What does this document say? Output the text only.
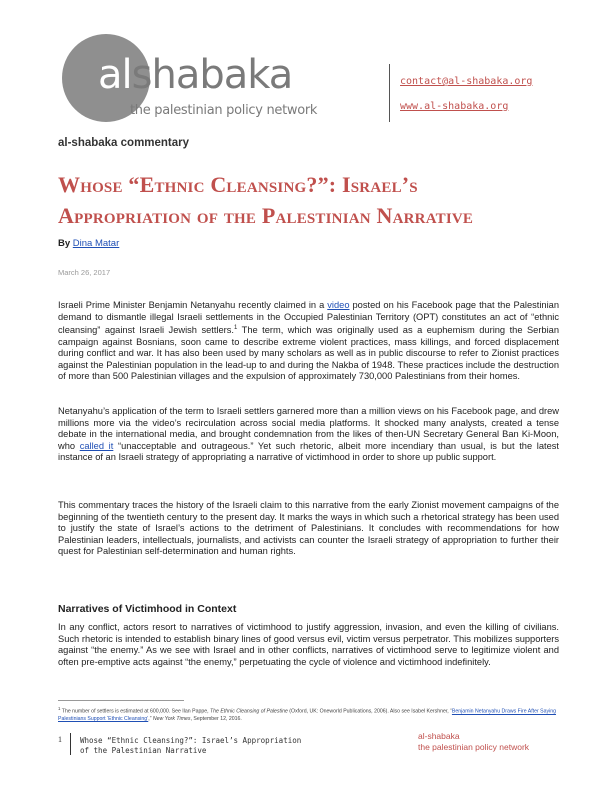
alshabaka
the palestinian policy network
contact@al-shabaka.org
www.al-shabaka.org
al-shabaka commentary
Whose “Ethnic Cleansing?”: Israel’s
Appropriation of the Palestinian Narrative
By Dina Matar
March 26, 2017

Israeli Prime Minister Benjamin Netanyahu recently claimed in a video posted on his Facebook page that the Palestinian demand to dismantle illegal Israeli settlements in the Occupied Palestinian Territory (OPT) constitutes an act of “ethnic cleansing” against Israeli Jewish settlers.$^1$ The term, which was originally used as a euphemism during the Serbian campaign against Bosnians, soon came to describe extreme violent practices, mass killings, and forced displacement during conflict and war. It has also been used by many scholars as well as in public discourse to refer to Zionist practices against the Palestinian population in the lead-up to and during the Nakba of 1948. These practices include the destruction of more than 500 Palestinian villages and the expulsion of approximately 730,000 Palestinians from their homes.

Netanyahu’s application of the term to Israeli settlers garnered more than a million views on his Facebook page, and drew millions more via the video’s recirculation across social media platforms. It shocked many analysts, created a tense debate in the international media, and brought condemnation from the likes of then-UN Secretary General Ban Ki-Moon, who called it “unacceptable and outrageous.” Yet such rhetoric, albeit more incendiary than usual, is but the latest instance of an Israeli strategy of appropriating a narrative of victimhood in order to shore up public support.

This commentary traces the history of the Israeli claim to this narrative from the early Zionist movement campaigns of the beginning of the twentieth century to the present day. It marks the ways in which such a rhetorical strategy has been used to justify the state of Israel’s actions to the detriment of Palestinians. It concludes with recommendations for how Palestinian leaders, intellectuals, journalists, and activists can counter the Israeli strategy of appropriation to further their quest for Palestinian self-determination and human rights.

Narratives of Victimhood in Context

In any conflict, actors resort to narratives of victimhood to justify aggression, invasion, and even the killing of civilians. Such rhetoric is intended to establish binary lines of good versus evil, victim versus perpetrator. This mobilizes supporters against “the enemy.” As we see with Israel and in other conflicts, narratives of victimhood serve to legitimize violent and often pre-emptive acts against “the enemy,” perpetuating the cycle of violence and victimhood indefinitely.

$^1$ The number of settlers is estimated at 600,000. See Ilan Pappe, The Ethnic Cleansing of Palestine (Oxford, UK: Oneworld Publications, 2006). Also see Isabel Kershner, “Benjamin Netanyahu Draws Fire After Saying Palestinians Support ‘Ethnic Cleansing’,” New York Times, September 12, 2016.
1 Whose “Ethnic Cleansing?”: Israel’s Appropriation
of the Palestinian Narrative
al-shabaka
the palestinian policy network
